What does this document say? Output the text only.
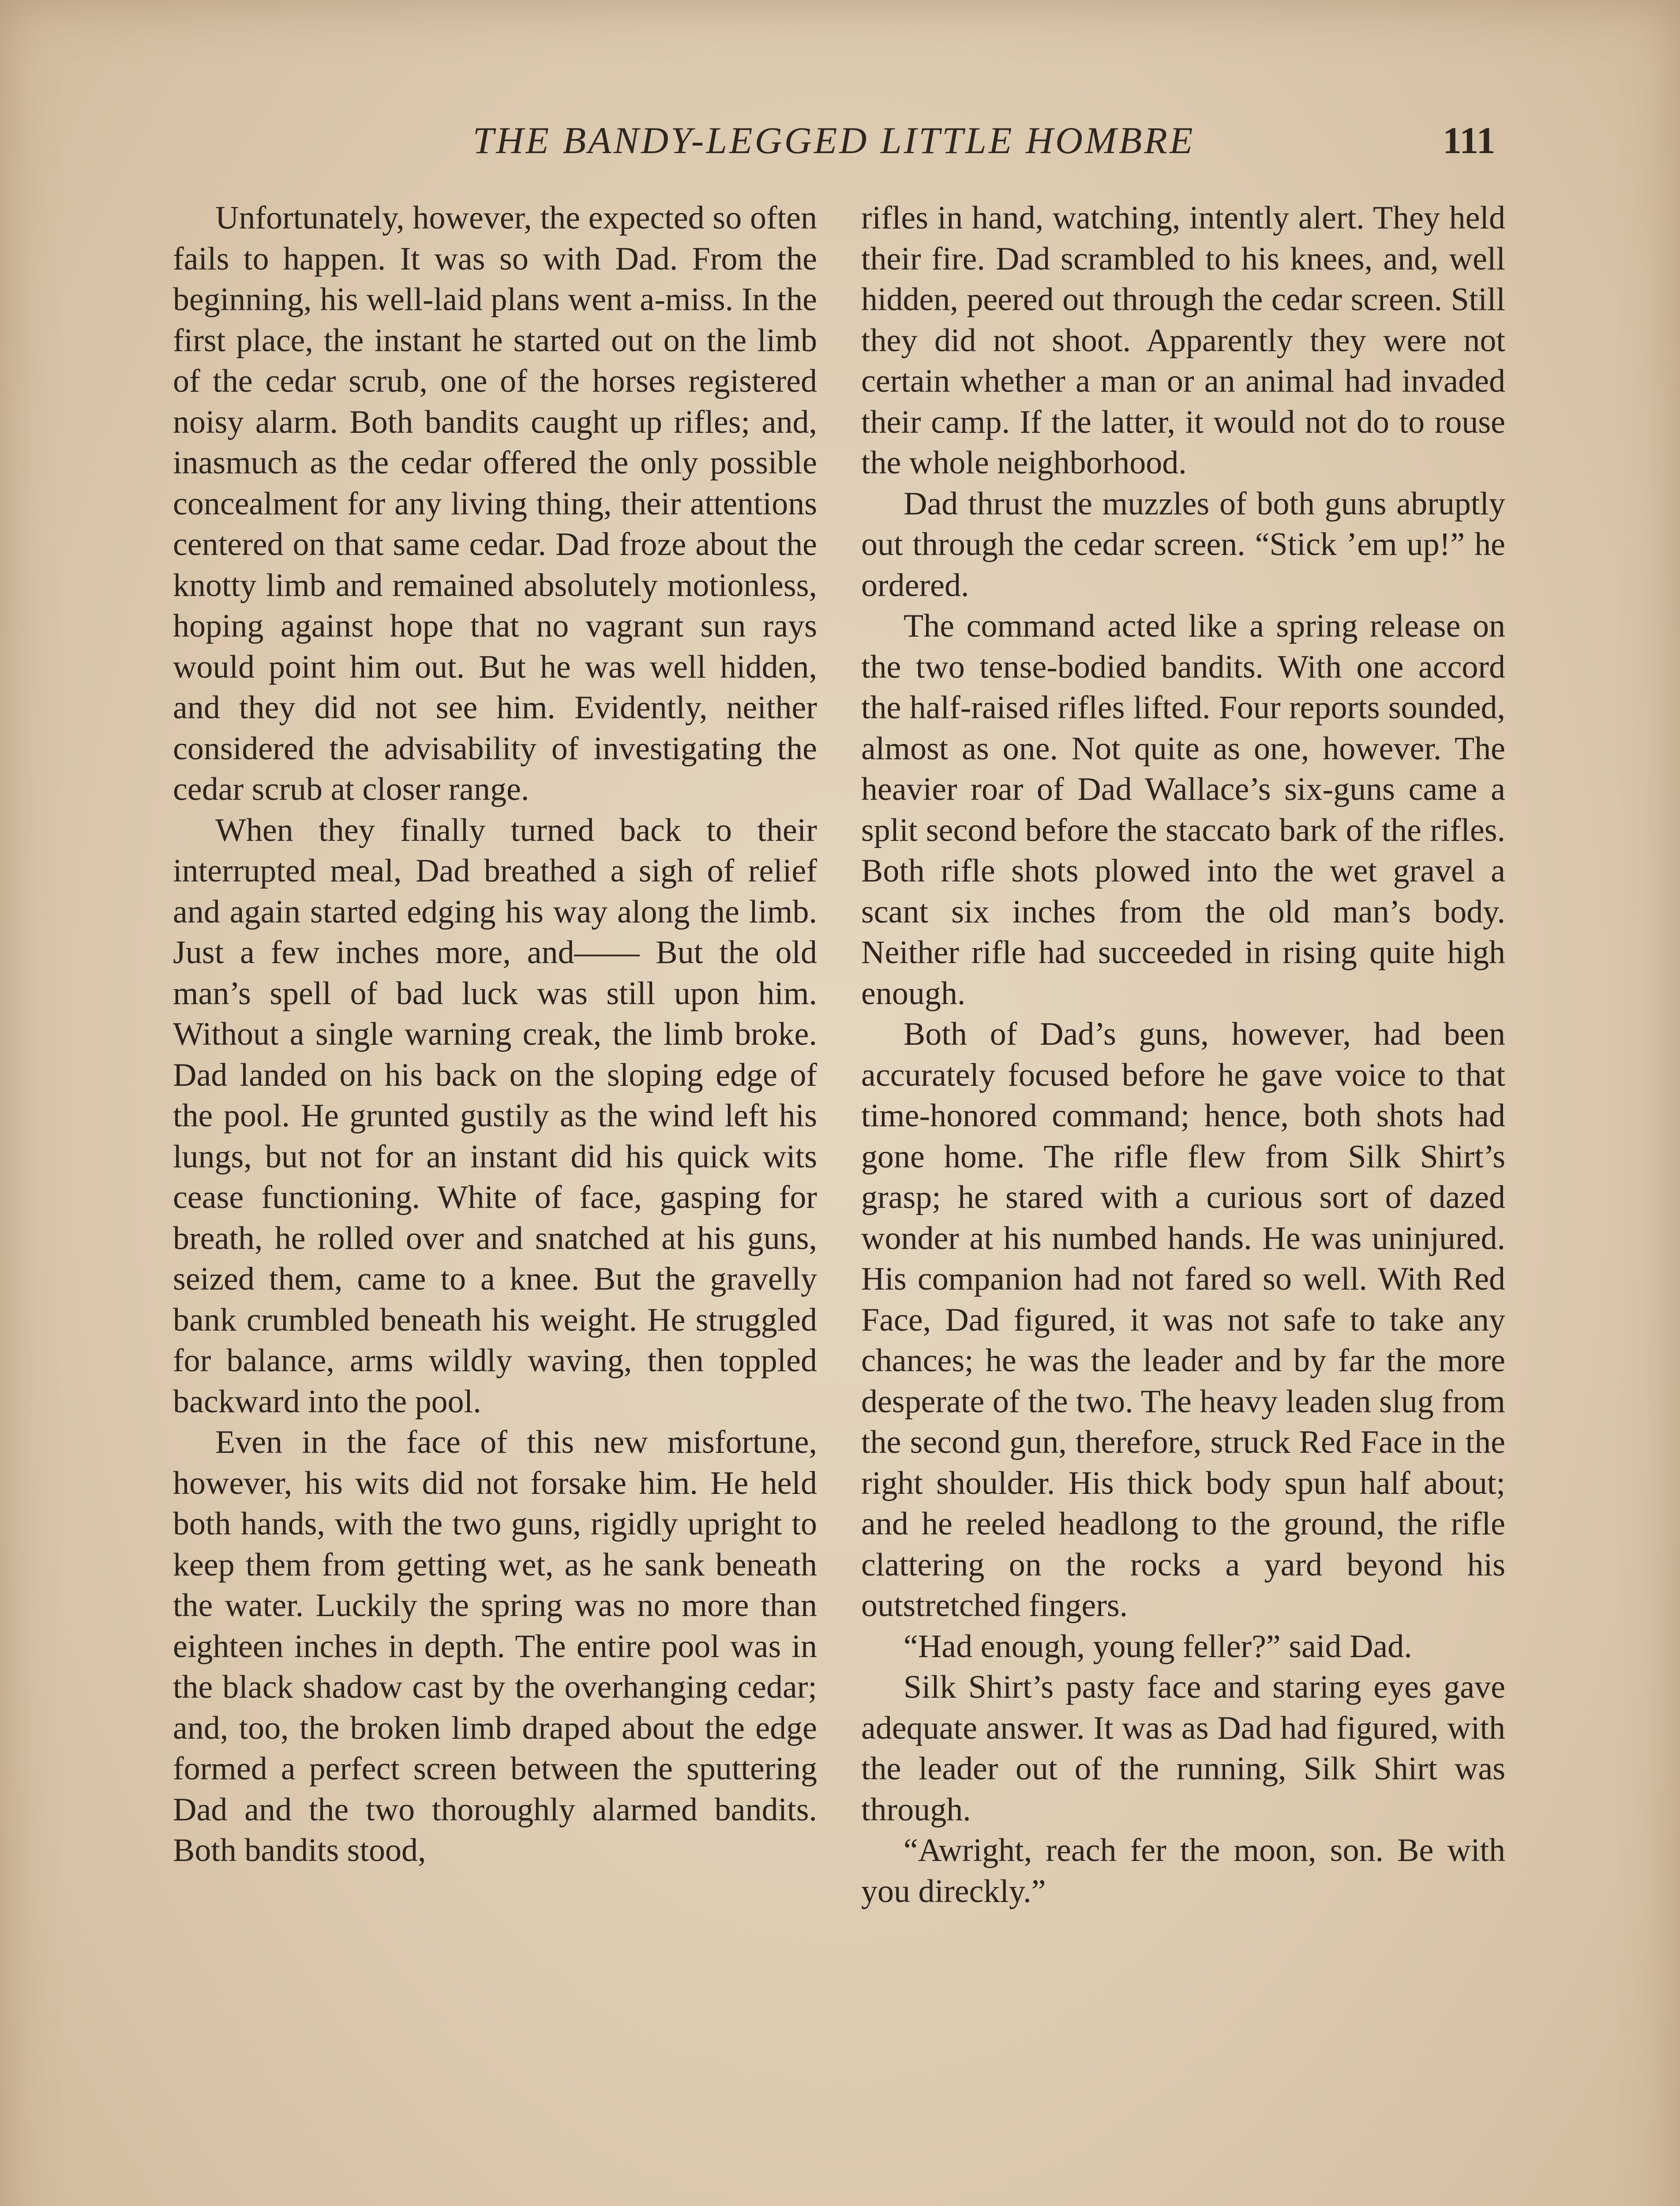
THE BANDY-LEGGED LITTLE HOMBRE	111

Unfortunately, however, the expected so often fails to happen. It was so with Dad. From the beginning, his well-laid plans went a-miss. In the first place, the instant he started out on the limb of the cedar scrub, one of the horses registered noisy alarm. Both bandits caught up rifles; and, inasmuch as the cedar offered the only possible concealment for any living thing, their attentions centered on that same cedar. Dad froze about the knotty limb and remained absolutely motionless, hoping against hope that no vagrant sun rays would point him out. But he was well hidden, and they did not see him. Evidently, neither considered the advisability of investigating the cedar scrub at closer range.

When they finally turned back to their interrupted meal, Dad breathed a sigh of relief and again started edging his way along the limb. Just a few inches more, and—— But the old man’s spell of bad luck was still upon him. Without a single warning creak, the limb broke. Dad landed on his back on the sloping edge of the pool. He grunted gustily as the wind left his lungs, but not for an instant did his quick wits cease functioning. White of face, gasping for breath, he rolled over and snatched at his guns, seized them, came to a knee. But the gravelly bank crumbled beneath his weight. He struggled for balance, arms wildly waving, then toppled backward into the pool.

Even in the face of this new misfortune, however, his wits did not forsake him. He held both hands, with the two guns, rigidly upright to keep them from getting wet, as he sank beneath the water. Luckily the spring was no more than eighteen inches in depth. The entire pool was in the black shadow cast by the overhanging cedar; and, too, the broken limb draped about the edge formed a perfect screen between the sputtering Dad and the two thoroughly alarmed bandits. Both bandits stood,

rifles in hand, watching, intently alert. They held their fire. Dad scrambled to his knees, and, well hidden, peered out through the cedar screen. Still they did not shoot. Apparently they were not certain whether a man or an animal had invaded their camp. If the latter, it would not do to rouse the whole neighborhood.

Dad thrust the muzzles of both guns abruptly out through the cedar screen. “Stick ’em up!” he ordered.

The command acted like a spring release on the two tense-bodied bandits. With one accord the half-raised rifles lifted. Four reports sounded, almost as one. Not quite as one, however. The heavier roar of Dad Wallace’s six-guns came a split second before the staccato bark of the rifles. Both rifle shots plowed into the wet gravel a scant six inches from the old man’s body. Neither rifle had succeeded in rising quite high enough.

Both of Dad’s guns, however, had been accurately focused before he gave voice to that time-honored command; hence, both shots had gone home. The rifle flew from Silk Shirt’s grasp; he stared with a curious sort of dazed wonder at his numbed hands. He was uninjured. His companion had not fared so well. With Red Face, Dad figured, it was not safe to take any chances; he was the leader and by far the more desperate of the two. The heavy leaden slug from the second gun, therefore, struck Red Face in the right shoulder. His thick body spun half about; and he reeled headlong to the ground, the rifle clattering on the rocks a yard beyond his outstretched fingers.

“Had enough, young feller?” said Dad.

Silk Shirt’s pasty face and staring eyes gave adequate answer. It was as Dad had figured, with the leader out of the running, Silk Shirt was through.

“Awright, reach fer the moon, son. Be with you direckly.”
